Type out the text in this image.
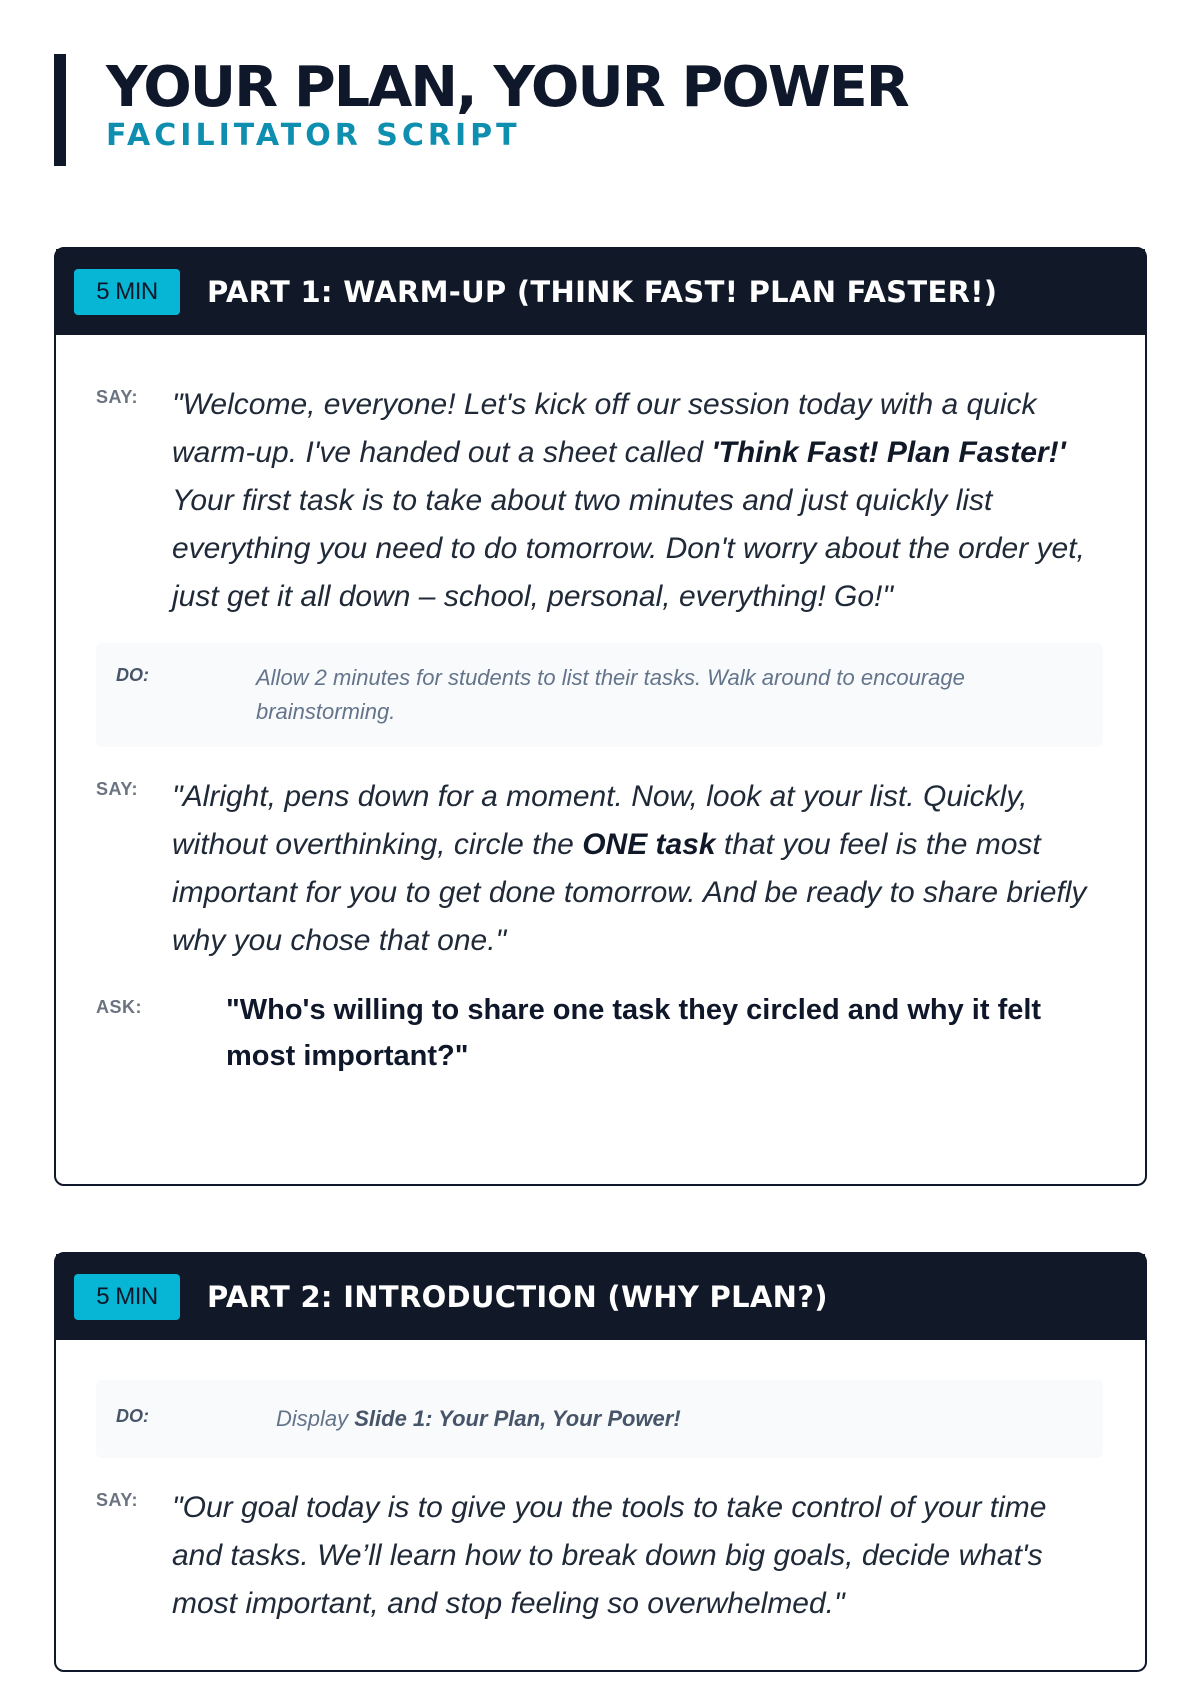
YOUR PLAN, YOUR POWER
FACILITATOR SCRIPT
5 MIN	PART 1: WARM-UP (THINK FAST! PLAN FASTER!)
SAY:	"Welcome, everyone! Let's kick off our session today with a quick warm-up. I've handed out a sheet called 'Think Fast! Plan Faster!' Your first task is to take about two minutes and just quickly list everything you need to do tomorrow. Don't worry about the order yet, just get it all down – school, personal, everything! Go!"
DO:	Allow 2 minutes for students to list their tasks. Walk around to encourage brainstorming.
SAY:	"Alright, pens down for a moment. Now, look at your list. Quickly, without overthinking, circle the ONE task that you feel is the most important for you to get done tomorrow. And be ready to share briefly why you chose that one."
ASK:	"Who's willing to share one task they circled and why it felt most important?"
5 MIN	PART 2: INTRODUCTION (WHY PLAN?)
DO:	Display Slide 1: Your Plan, Your Power!
SAY:	"Our goal today is to give you the tools to take control of your time and tasks. We’ll learn how to break down big goals, decide what's most important, and stop feeling so overwhelmed."
